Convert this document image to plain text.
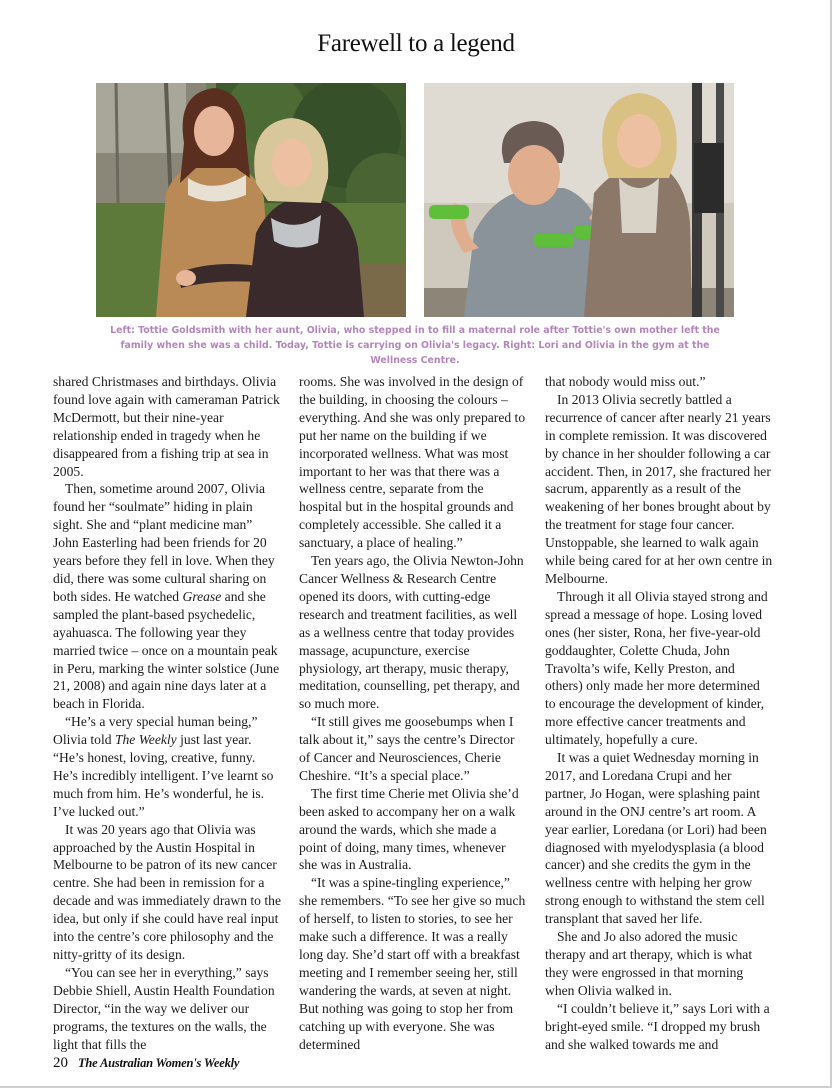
Farewell to a legend
Left: Tottie Goldsmith with her aunt, Olivia, who stepped in to fill a maternal role after Tottie's own mother left the family when she was a child. Today, Tottie is carrying on Olivia's legacy. Right: Lori and Olivia in the gym at the Wellness Centre.

shared Christmases and birthdays. Olivia found love again with cameraman Patrick McDermott, but their nine-year relationship ended in tragedy when he disappeared from a fishing trip at sea in 2005.

Then, sometime around 2007, Olivia found her “soulmate” hiding in plain sight. She and “plant medicine man” John Easterling had been friends for 20 years before they fell in love. When they did, there was some cultural sharing on both sides. He watched Grease and she sampled the plant-based psychedelic, ayahuasca. The following year they married twice – once on a mountain peak in Peru, marking the winter solstice (June 21, 2008) and again nine days later at a beach in Florida.

“He’s a very special human being,” Olivia told The Weekly just last year. “He’s honest, loving, creative, funny. He’s incredibly intelligent. I’ve learnt so much from him. He’s wonderful, he is. I’ve lucked out.”

It was 20 years ago that Olivia was approached by the Austin Hospital in Melbourne to be patron of its new cancer centre. She had been in remission for a decade and was immediately drawn to the idea, but only if she could have real input into the centre’s core philosophy and the nitty-gritty of its design.

“You can see her in everything,” says Debbie Shiell, Austin Health Foundation Director, “in the way we deliver our programs, the textures on the walls, the light that fills the

rooms. She was involved in the design of the building, in choosing the colours – everything. And she was only prepared to put her name on the building if we incorporated wellness. What was most important to her was that there was a wellness centre, separate from the hospital but in the hospital grounds and completely accessible. She called it a sanctuary, a place of healing.”

Ten years ago, the Olivia Newton-John Cancer Wellness & Research Centre opened its doors, with cutting-edge research and treatment facilities, as well as a wellness centre that today provides massage, acupuncture, exercise physiology, art therapy, music therapy, meditation, counselling, pet therapy, and so much more.

“It still gives me goosebumps when I talk about it,” says the centre’s Director of Cancer and Neurosciences, Cherie Cheshire. “It’s a special place.”

The first time Cherie met Olivia she’d been asked to accompany her on a walk around the wards, which she made a point of doing, many times, whenever she was in Australia.

“It was a spine-tingling experience,” she remembers. “To see her give so much of herself, to listen to stories, to see her make such a difference. It was a really long day. She’d start off with a breakfast meeting and I remember seeing her, still wandering the wards, at seven at night. But nothing was going to stop her from catching up with everyone. She was determined

that nobody would miss out.”

In 2013 Olivia secretly battled a recurrence of cancer after nearly 21 years in complete remission. It was discovered by chance in her shoulder following a car accident. Then, in 2017, she fractured her sacrum, apparently as a result of the weakening of her bones brought about by the treatment for stage four cancer. Unstoppable, she learned to walk again while being cared for at her own centre in Melbourne.

Through it all Olivia stayed strong and spread a message of hope. Losing loved ones (her sister, Rona, her five-year-old goddaughter, Colette Chuda, John Travolta’s wife, Kelly Preston, and others) only made her more determined to encourage the development of kinder, more effective cancer treatments and ultimately, hopefully a cure.

It was a quiet Wednesday morning in 2017, and Loredana Crupi and her partner, Jo Hogan, were splashing paint around in the ONJ centre’s art room. A year earlier, Loredana (or Lori) had been diagnosed with myelodysplasia (a blood cancer) and she credits the gym in the wellness centre with helping her grow strong enough to withstand the stem cell transplant that saved her life.

She and Jo also adored the music therapy and art therapy, which is what they were engrossed in that morning when Olivia walked in.

“I couldn’t believe it,” says Lori with a bright-eyed smile. “I dropped my brush and she walked towards me and

20 The Australian Women's Weekly
